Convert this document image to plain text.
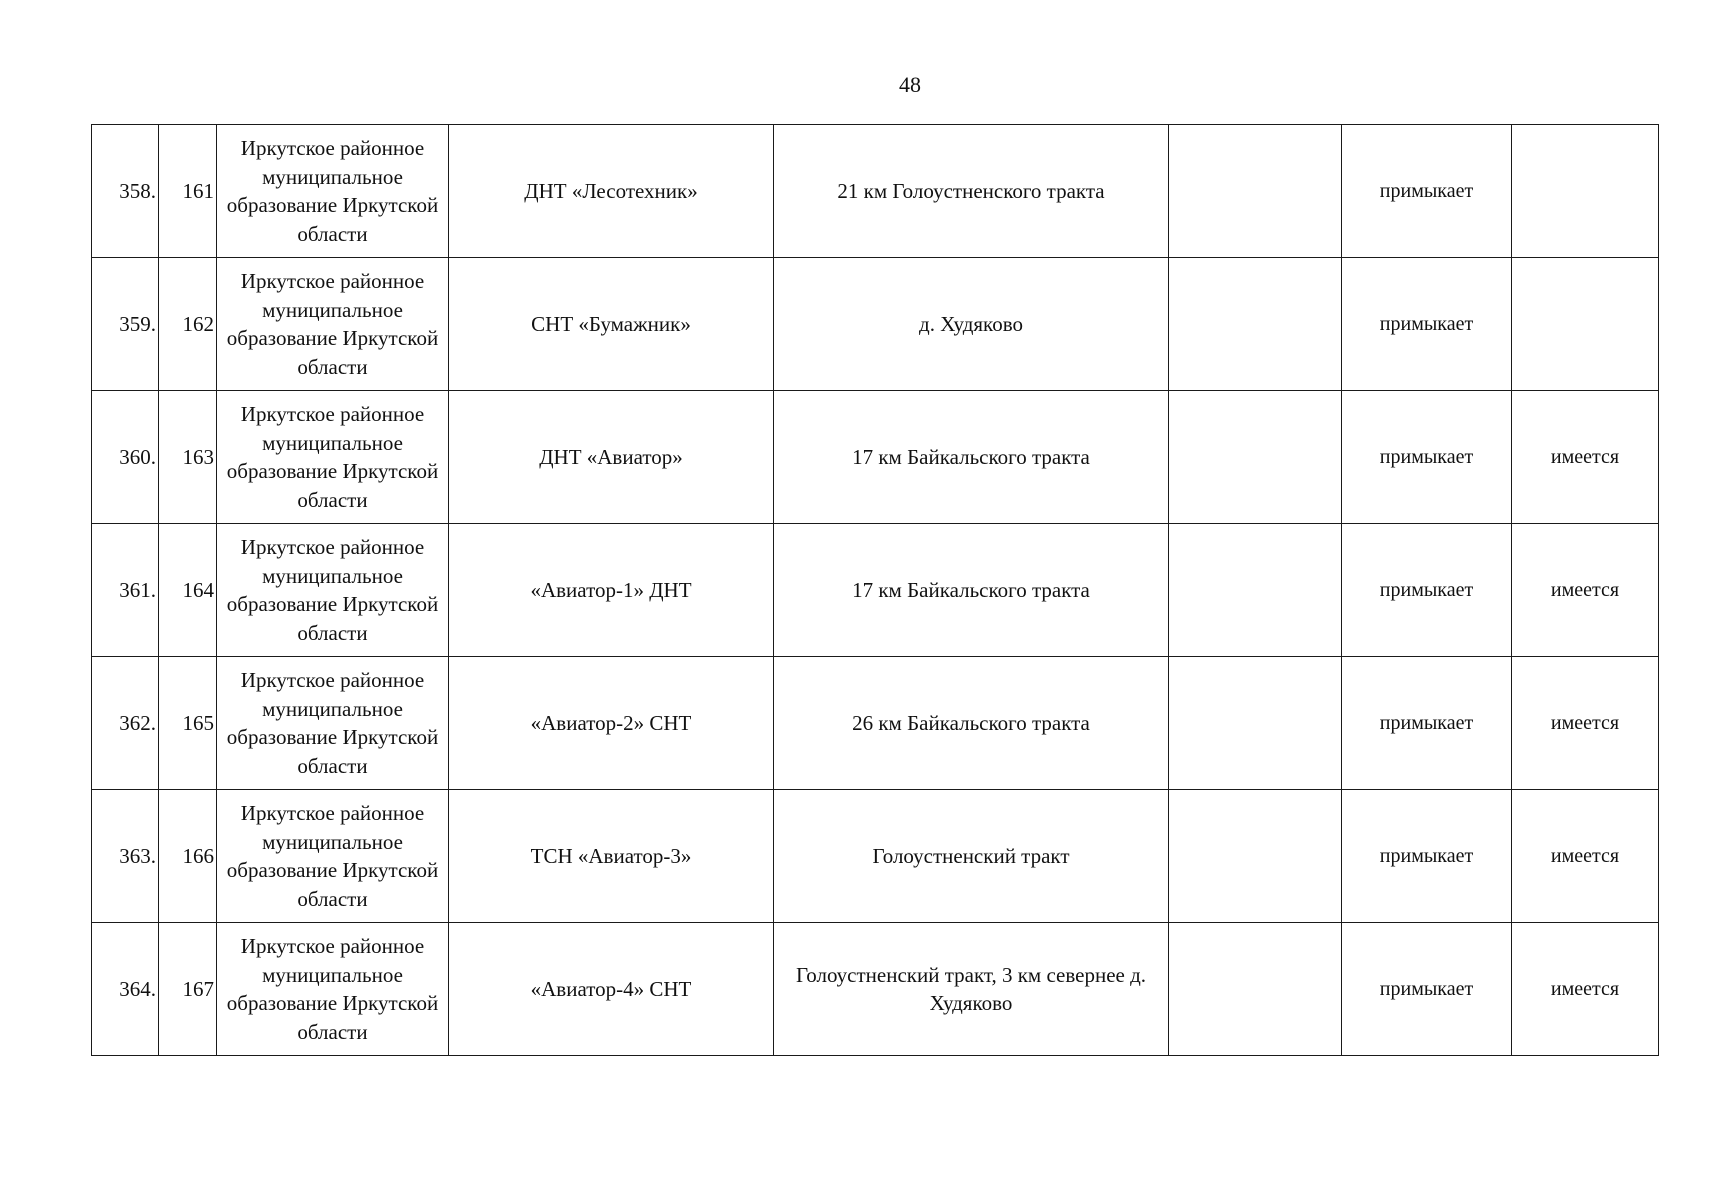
48
358.	161	Иркутское районное муниципальное образование Иркутской области	ДНТ «Лесотехник»	21 км Голоустненского тракта		примыкает	
359.	162	Иркутское районное муниципальное образование Иркутской области	СНТ «Бумажник»	д. Худяково		примыкает	
360.	163	Иркутское районное муниципальное образование Иркутской области	ДНТ «Авиатор»	17 км Байкальского тракта		примыкает	имеется
361.	164	Иркутское районное муниципальное образование Иркутской области	«Авиатор-1» ДНТ	17 км Байкальского тракта		примыкает	имеется
362.	165	Иркутское районное муниципальное образование Иркутской области	«Авиатор-2» СНТ	26 км Байкальского тракта		примыкает	имеется
363.	166	Иркутское районное муниципальное образование Иркутской области	ТСН «Авиатор-3»	Голоустненский тракт		примыкает	имеется
364.	167	Иркутское районное муниципальное образование Иркутской области	«Авиатор-4» СНТ	Голоустненский тракт, 3 км севернее д. Худяково		примыкает	имеется
